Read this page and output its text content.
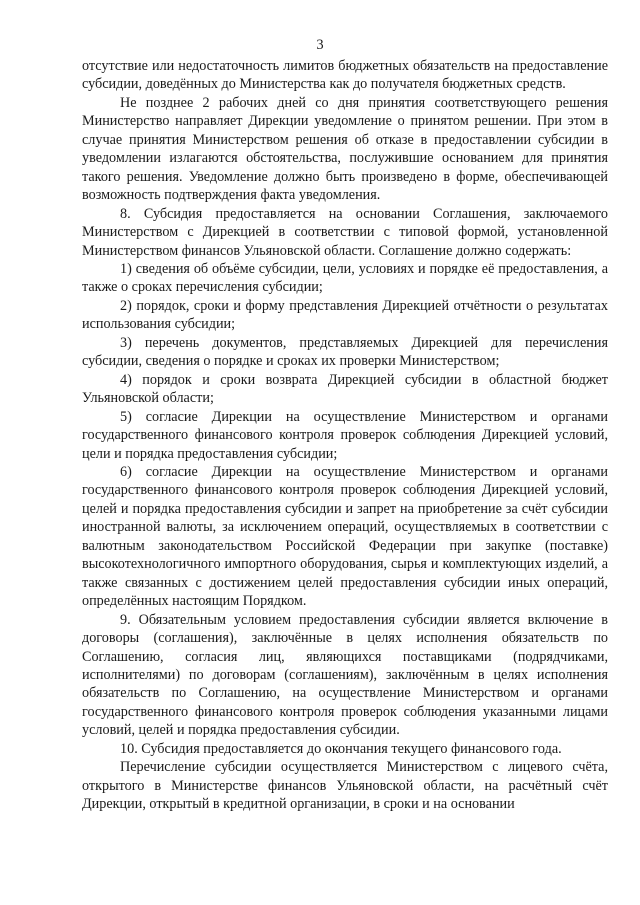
3

отсутствие или недостаточность лимитов бюджетных обязательств на предоставление субсидии, доведённых до Министерства как до получателя бюджетных средств.

Не позднее 2 рабочих дней со дня принятия соответствующего решения Министерство направляет Дирекции уведомление о принятом решении. При этом в случае принятия Министерством решения об отказе в предоставлении субсидии в уведомлении излагаются обстоятельства, послужившие основанием для принятия такого решения. Уведомление должно быть произведено в форме, обеспечивающей возможность подтверждения факта уведомления.

8. Субсидия предоставляется на основании Соглашения, заключаемого Министерством с Дирекцией в соответствии с типовой формой, установленной Министерством финансов Ульяновской области. Соглашение должно содержать:

1) сведения об объёме субсидии, цели, условиях и порядке её предоставления, а также о сроках перечисления субсидии;

2) порядок, сроки и форму представления Дирекцией отчётности о результатах использования субсидии;

3) перечень документов, представляемых Дирекцией для перечисления субсидии, сведения о порядке и сроках их проверки Министерством;

4) порядок и сроки возврата Дирекцией субсидии в областной бюджет Ульяновской области;

5) согласие Дирекции на осуществление Министерством и органами государственного финансового контроля проверок соблюдения Дирекцией условий, цели и порядка предоставления субсидии;

6) согласие Дирекции на осуществление Министерством и органами государственного финансового контроля проверок соблюдения Дирекцией условий, целей и порядка предоставления субсидии и запрет на приобретение за счёт субсидии иностранной валюты, за исключением операций, осуществляемых в соответствии с валютным законодательством Российской Федерации при закупке (поставке) высокотехнологичного импортного оборудования, сырья и комплектующих изделий, а также связанных с достижением целей предоставления субсидии иных операций, определённых настоящим Порядком.

9. Обязательным условием предоставления субсидии является включение в договоры (соглашения), заключённые в целях исполнения обязательств по Соглашению, согласия лиц, являющихся поставщиками (подрядчиками, исполнителями) по договорам (соглашениям), заключённым в целях исполнения обязательств по Соглашению, на осуществление Министерством и органами государственного финансового контроля проверок соблюдения указанными лицами условий, целей и порядка предоставления субсидии.

10. Субсидия предоставляется до окончания текущего финансового года.

Перечисление субсидии осуществляется Министерством с лицевого счёта, открытого в Министерстве финансов Ульяновской области, на расчётный счёт Дирекции, открытый в кредитной организации, в сроки и на основании
